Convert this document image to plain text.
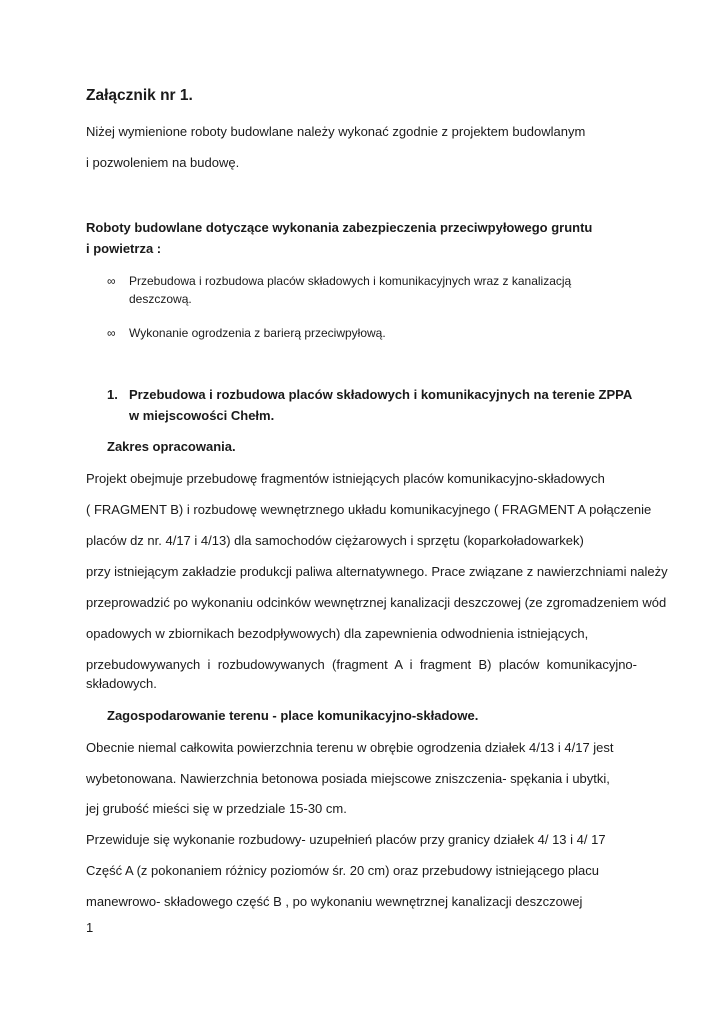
Załącznik nr 1.
Niżej wymienione roboty budowlane należy wykonać zgodnie z projektem budowlanym
i pozwoleniem na budowę.
Roboty budowlane dotyczące wykonania zabezpieczenia przeciwpyłowego gruntu
i powietrza :
∞ Przebudowa i rozbudowa placów składowych i komunikacyjnych wraz z kanalizacją
deszczową.
∞ Wykonanie ogrodzenia z barierą przeciwpyłową.
1. Przebudowa i rozbudowa placów składowych i komunikacyjnych na terenie ZPPA
w miejscowości Chełm.
Zakres opracowania.
Projekt obejmuje przebudowę fragmentów istniejących placów komunikacyjno-składowych
( FRAGMENT B) i rozbudowę wewnętrznego układu komunikacyjnego ( FRAGMENT A połączenie
placów dz nr. 4/17 i 4/13) dla samochodów ciężarowych i sprzętu (koparkoładowarkek)
przy istniejącym zakładzie produkcji paliwa alternatywnego. Prace związane z nawierzchniami należy
przeprowadzić po wykonaniu odcinków wewnętrznej kanalizacji deszczowej (ze zgromadzeniem wód
opadowych w zbiornikach bezodpływowych) dla zapewnienia odwodnienia istniejących,
przebudowywanych i rozbudowywanych (fragment A i fragment B) placów komunikacyjno-
składowych.
Zagospodarowanie terenu - place komunikacyjno-składowe.
Obecnie niemal całkowita powierzchnia terenu w obrębie ogrodzenia działek 4/13 i 4/17 jest
wybetonowana. Nawierzchnia betonowa posiada miejscowe zniszczenia- spękania i ubytki,
jej grubość mieści się w przedziale 15-30 cm.
Przewiduje się wykonanie rozbudowy- uzupełnień placów przy granicy działek 4/ 13 i 4/ 17
Część A (z pokonaniem różnicy poziomów śr. 20 cm) oraz przebudowy istniejącego placu
manewrowo- składowego część B , po wykonaniu wewnętrznej kanalizacji deszczowej
1
